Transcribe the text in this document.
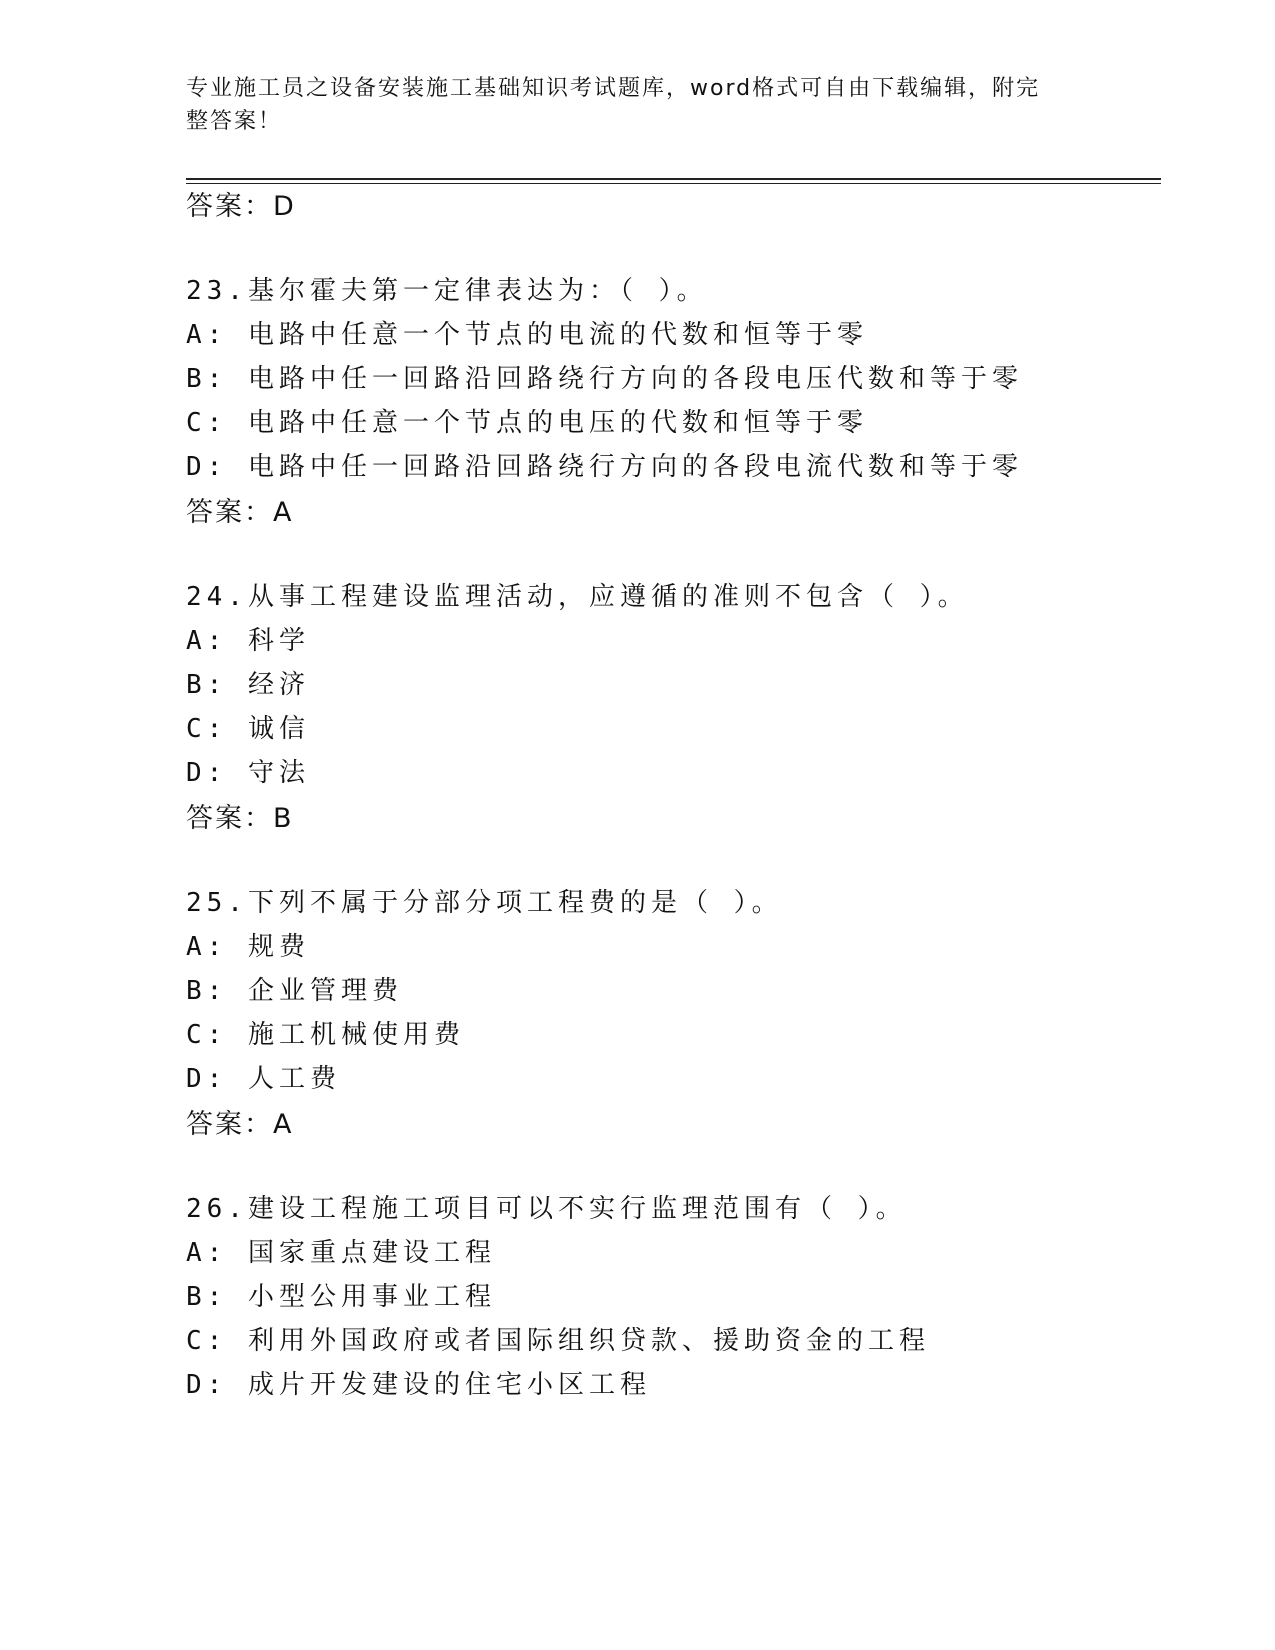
专业施工员之设备安装施工基础知识考试题库，word格式可自由下载编辑，附完
整答案！
答案：D
23.基尔霍夫第一定律表达为：（ ）。
A: 电路中任意一个节点的电流的代数和恒等于零
B: 电路中任一回路沿回路绕行方向的各段电压代数和等于零
C: 电路中任意一个节点的电压的代数和恒等于零
D: 电路中任一回路沿回路绕行方向的各段电流代数和等于零
答案：A
24.从事工程建设监理活动，应遵循的准则不包含（ ）。
A: 科学
B: 经济
C: 诚信
D: 守法
答案：B
25.下列不属于分部分项工程费的是（ ）。
A: 规费
B: 企业管理费
C: 施工机械使用费
D: 人工费
答案：A
26.建设工程施工项目可以不实行监理范围有（ ）。
A: 国家重点建设工程
B: 小型公用事业工程
C: 利用外国政府或者国际组织贷款、援助资金的工程
D: 成片开发建设的住宅小区工程
